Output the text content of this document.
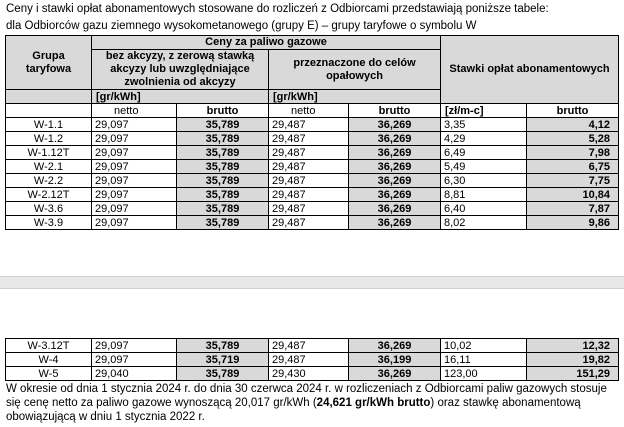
Ceny i stawki opłat abonamentowych stosowane do rozliczeń z Odbiorcami przedstawiają poniższe tabele:
dla Odbiorców gazu ziemnego wysokometanowego (grupy E) – grupy taryfowe o symbolu W
Grupa taryfowa	Ceny za paliwo gazowe				Stawki opłat abonamentowych	
	bez akcyzy, z zerową stawką akcyzy lub uwzględniające zwolnienia od akcyzy		przeznaczone do celów opałowych			
	[gr/kWh]		[gr/kWh]			
	netto	brutto	netto	brutto	[zł/m-c]	brutto
W-1.1	29,097	35,789	29,487	36,269	3,35	4,12
W-1.2	29,097	35,789	29,487	36,269	4,29	5,28
W-1.12T	29,097	35,789	29,487	36,269	6,49	7,98
W-2.1	29,097	35,789	29,487	36,269	5,49	6,75
W-2.2	29,097	35,789	29,487	36,269	6,30	7,75
W-2.12T	29,097	35,789	29,487	36,269	8,81	10,84
W-3.6	29,097	35,789	29,487	36,269	6,40	7,87
W-3.9	29,097	35,789	29,487	36,269	8,02	9,86
W-3.12T	29,097	35,789	29,487	36,269	10,02	12,32
W-4	29,097	35,719	29,487	36,199	16,11	19,82
W-5	29,040	35,789	29,430	36,269	123,00	151,29
W okresie od dnia 1 stycznia 2024 r. do dnia 30 czerwca 2024 r. w rozliczeniach z Odbiorcami paliw gazowych stosuje się cenę netto za paliwo gazowe wynoszącą 20,017 gr/kWh (24,621 gr/kWh brutto) oraz stawkę abonamentową obowiązującą w dniu 1 stycznia 2022 r.
